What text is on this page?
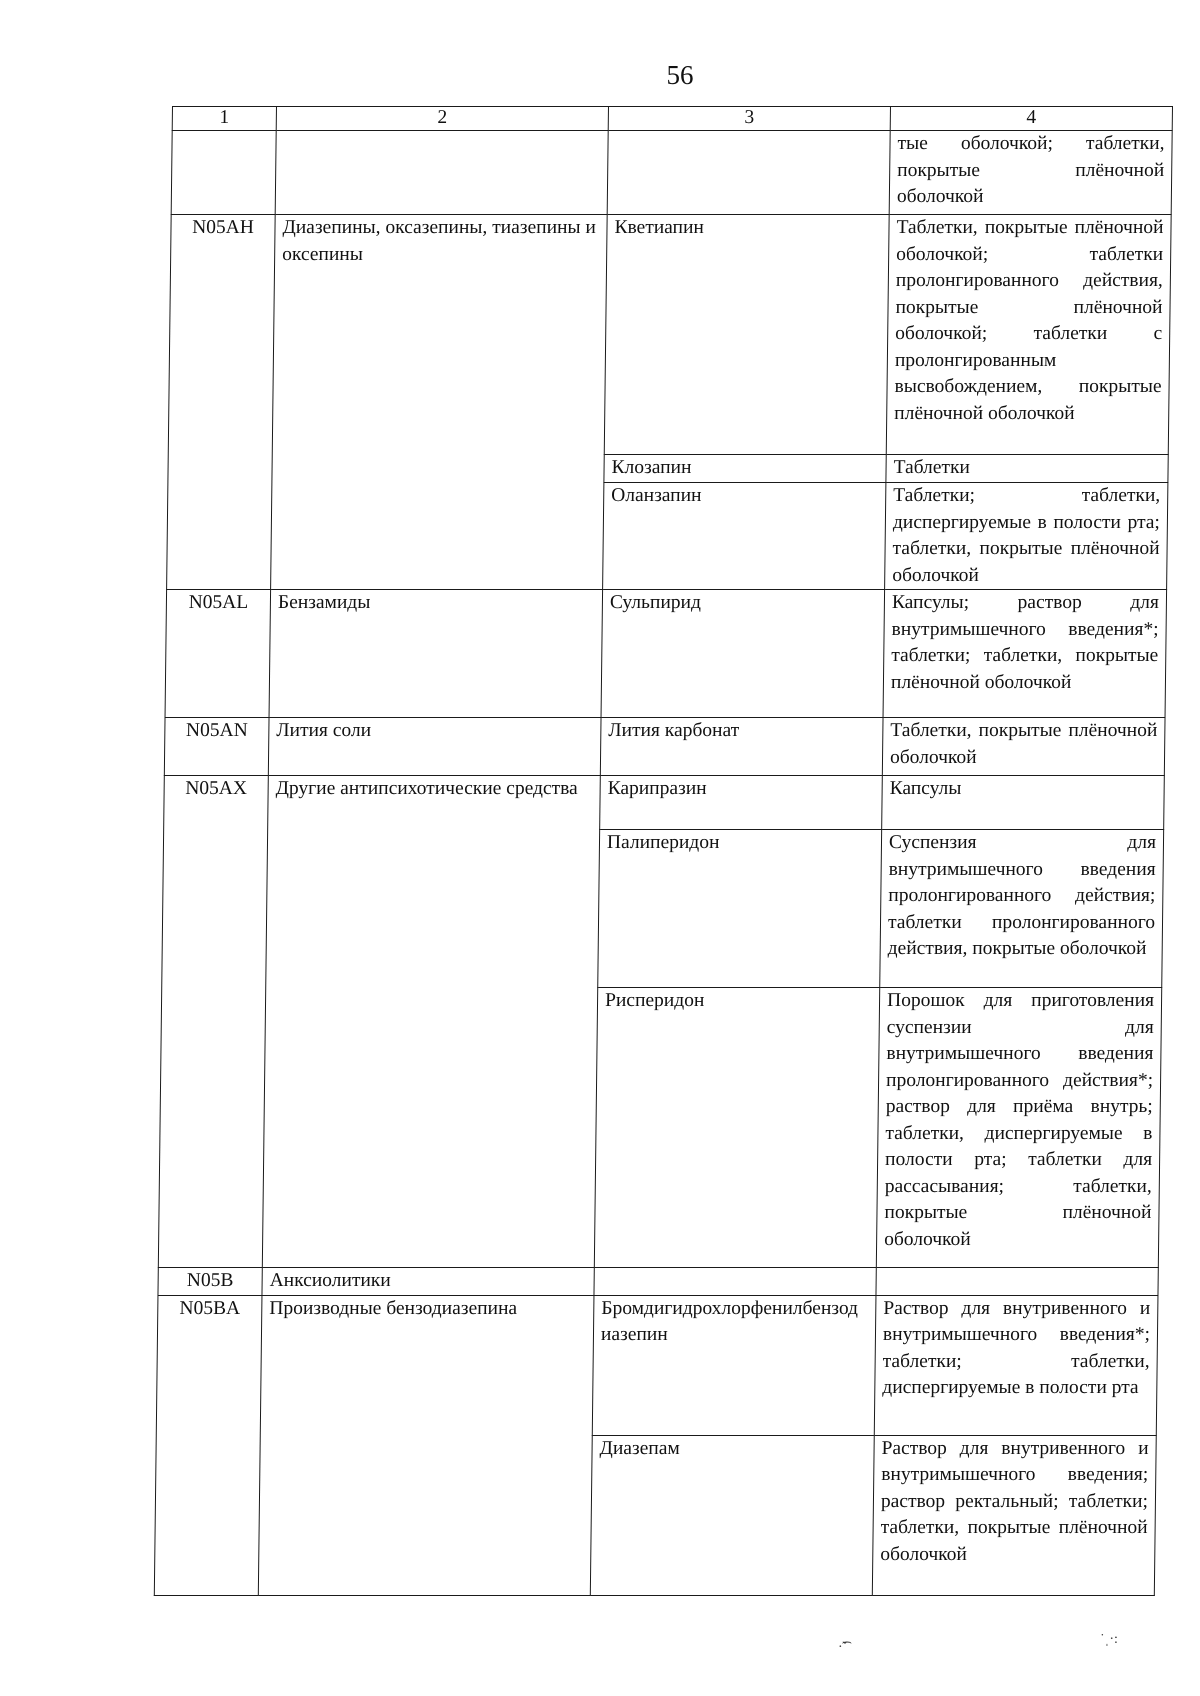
56
1	2	3	4
			тые оболочкой; таблетки, покрытые плёночной оболочкой
N05AH	Диазепины, оксазепины, тиазепины и оксепины	Кветиапин	Таблетки, покрытые плёночной оболочкой; таблетки пролонгированного действия, покрытые плёночной оболочкой; таблетки с пролонгированным высвобождением, покрытые плёночной оболочкой
		Клозапин	Таблетки
		Оланзапин	Таблетки; таблетки, диспергируемые в полости рта; таблетки, покрытые плёночной оболочкой
N05AL	Бензамиды	Сульпирид	Капсулы; раствор для внутримышечного введения*; таблетки; таблетки, покрытые плёночной оболочкой
N05AN	Лития соли	Лития карбонат	Таблетки, покрытые плёночной оболочкой
N05AX	Другие антипсихотические средства	Карипразин	Капсулы
		Палиперидон	Суспензия для внутримышечного введения пролонгированного действия; таблетки пролонгированного действия, покрытые оболочкой
		Рисперидон	Порошок для приготовления суспензии для внутримышечного введения пролонгированного действия*; раствор для приёма внутрь; таблетки, диспергируемые в полости рта; таблетки для рассасывания; таблетки, покрытые плёночной оболочкой
N05B	Анксиолитики		
N05BA	Производные бензодиазепина	Бромдигидрохлорфенилбензодиазепин	Раствор для внутривенного и внутримышечного введения*; таблетки; таблетки, диспергируемые в полости рта
		Диазепам	Раствор для внутривенного и внутримышечного введения; раствор ректальный; таблетки; таблетки, покрытые плёночной оболочкой
·͡ˇ
˙ˌ·:
